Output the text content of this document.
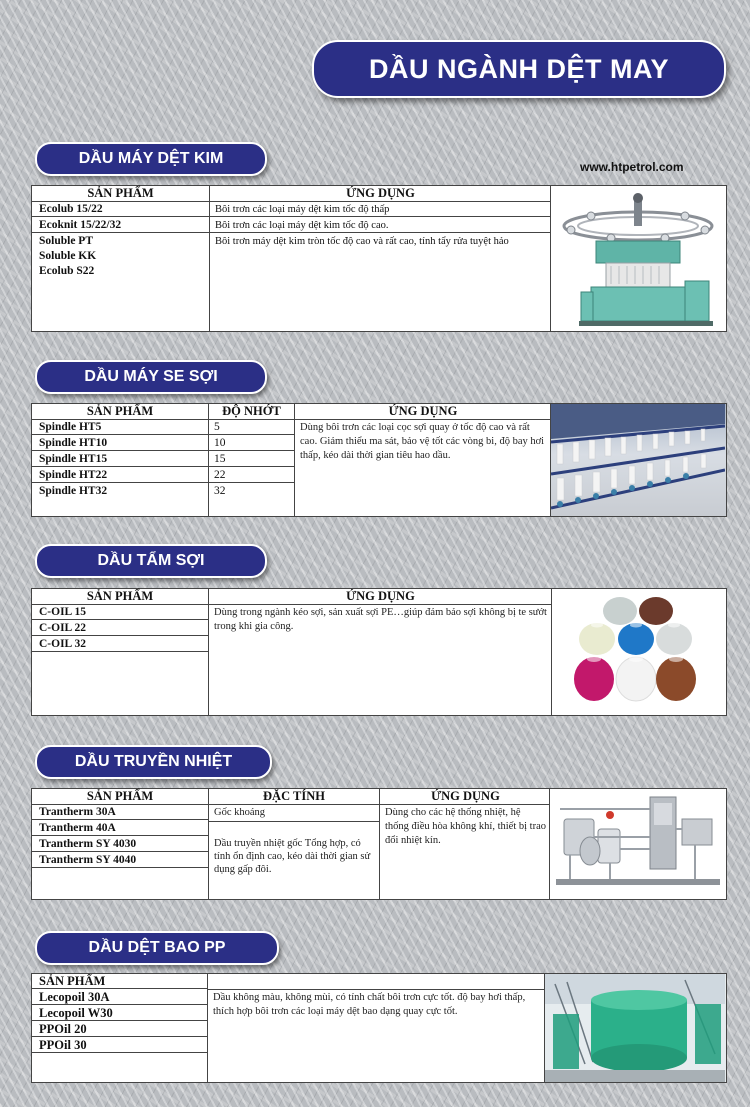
DẦU NGÀNH DỆT MAY
DẦU MÁY DỆT KIM	www.htpetrol.com
SẢN PHẨM
Ecolub 15/22
Ecoknit 15/22/32
Soluble PT
Soluble KK
Ecolub S22
ỨNG DỤNG
Bôi trơn các loại máy dệt kim tốc độ thấp
Bôi trơn các loại máy dệt kim tốc độ cao.
Bôi trơn máy dệt kim tròn tốc độ cao và rất cao, tính tẩy rửa tuyệt hảo
DẦU MÁY SE SỢI
SẢN PHẨM
Spindle HT5
Spindle HT10
Spindle HT15
Spindle HT22
Spindle HT32
ĐỘ NHỚT
5
10
15
22
32
ỨNG DỤNG
Dùng bôi trơn các loại cọc sợi quay ở tốc độ cao và rất cao. Giảm thiểu ma sát, bảo vệ tốt các vòng bi, độ bay hơi thấp, kéo dài thời gian tiêu hao dầu.
DẦU TẨM SỢI
SẢN PHẨM
C-OIL 15
C-OIL 22
C-OIL 32
ỨNG DỤNG
Dùng trong ngành kéo sợi, sản xuất sợi PE…giúp đảm bảo sợi không bị te sướt trong khi gia công.
DẦU TRUYỀN NHIỆT
SẢN PHẨM
Trantherm 30A
Trantherm 40A
Trantherm SY 4030
Trantherm SY 4040
ĐẶC TÍNH
Gốc khoáng
Dầu truyền nhiệt gốc Tổng hợp, có tính ổn định cao, kéo dài thời gian sử dụng gấp đôi.
ỨNG DỤNG
Dùng cho các hệ thống nhiệt, hệ thống điều hòa không khí, thiết bị trao đổi nhiệt kín.
DẦU DỆT BAO PP
SẢN PHẨM
Lecopoil 30A
Lecopoil W30
PPOil 20
PPOil 30
Dầu không màu, không mùi, có tính chất bôi trơn cực tốt. độ bay hơi thấp, thích hợp bôi trơn các loại máy dệt bao dạng quay cực tốt.
